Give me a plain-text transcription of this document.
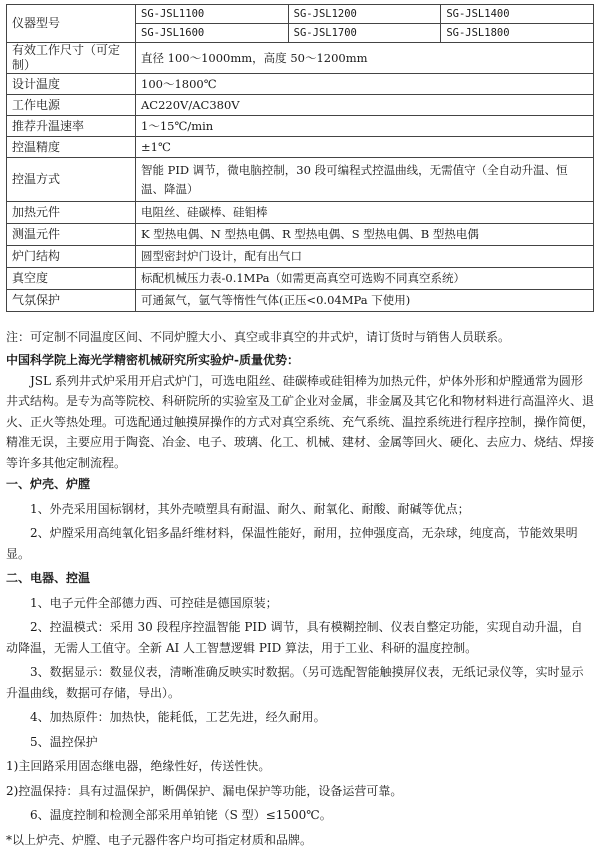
仪器型号	SG-JSL1100	SG-JSL1200	SG-JSL1400
	SG-JSL1600	SG-JSL1700	SG-JSL1800
有效工作尺寸（可定制）	直径 100～1000mm，高度 50～1200mm		
设计温度	100～1800℃		
工作电源	AC220V/AC380V		
推荐升温速率	1～15℃/min		
控温精度	±1℃		
控温方式	智能 PID 调节，微电脑控制，30 段可编程式控温曲线，无需值守（全自动升温、恒温、降温）		
加热元件	电阻丝、硅碳棒、硅钼棒		
测温元件	K 型热电偶、N 型热电偶、R 型热电偶、S 型热电偶、B 型热电偶		
炉门结构	圆型密封炉门设计，配有出气口		
真空度	标配机械压力表-0.1MPa（如需更高真空可选购不同真空系统）		
气氛保护	可通氮气，氩气等惰性气体(正压<0.04MPa 下使用)		
注：可定制不同温度区间、不同炉膛大小、真空或非真空的井式炉，请订货时与销售人员联系。

中国科学院上海光学精密机械研究所实验炉-质量优势：

JSL 系列井式炉采用开启式炉门，可选电阻丝、硅碳棒或硅钼棒为加热元件，炉体外形和炉膛通常为圆形井式结构。是专为高等院校、科研院所的实验室及工矿企业对金属，非金属及其它化和物材料进行高温淬火、退火、正火等热处理。可选配通过触摸屏操作的方式对真空系统、充气系统、温控系统进行程序控制，操作简便，精准无误，主要应用于陶瓷、冶金、电子、玻璃、化工、机械、建材、金属等回火、硬化、去应力、烧结、焊接等许多其他定制流程。

一、炉壳、炉膛

1、外壳采用国标钢材，其外壳喷塑具有耐温、耐久、耐氧化、耐酸、耐碱等优点；

2、炉膛采用高纯氧化铝多晶纤维材料，保温性能好，耐用，拉伸强度高，无杂球，纯度高，节能效果明显。

二、电器、控温

1、电子元件全部德力西、可控硅是德国原装；

2、控温模式：采用 30 段程序控温智能 PID 调节，具有模糊控制、仪表自整定功能，实现自动升温，自动降温，无需人工值守。全新 AI 人工智慧逻辑 PID 算法，用于工业、科研的温度控制。

3、数据显示：数显仪表，清晰准确反映实时数据。（另可选配智能触摸屏仪表，无纸记录仪等，实时显示升温曲线，数据可存储，导出）。

4、加热原件：加热快，能耗低，工艺先进，经久耐用。

5、温控保护

1)主回路采用固态继电器，绝缘性好，传送性快。

2)控温保持：具有过温保护，断偶保护、漏电保护等功能，设备运营可靠。

6、温度控制和检测全部采用单铂铑（S 型）≤1500℃。

*以上炉壳、炉膛、电子元器件客户均可指定材质和品牌。
